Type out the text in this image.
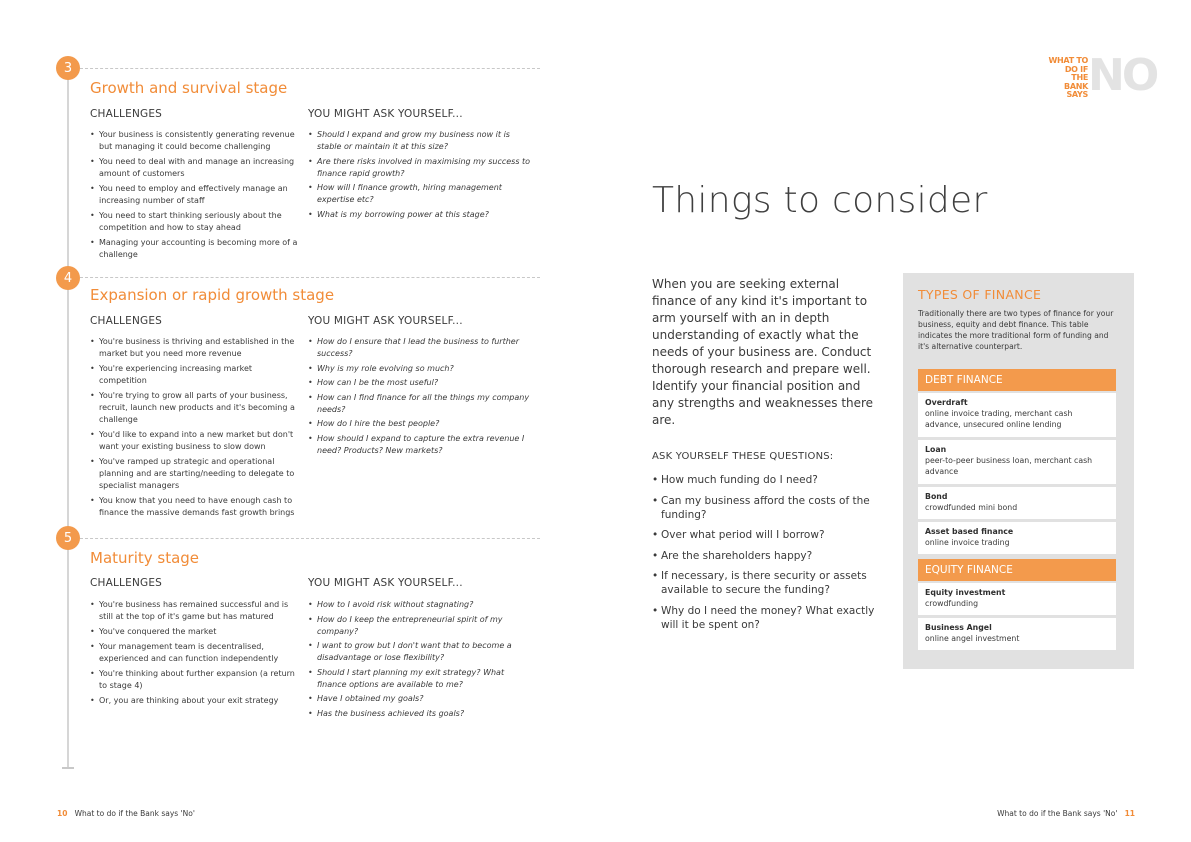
3
Growth and survival stage
CHALLENGES	YOU MIGHT ASK YOURSELF...
• Your business is consistently generating revenue but managing it could become challenging
• You need to deal with and manage an increasing amount of customers
• You need to employ and effectively manage an increasing number of staff
• You need to start thinking seriously about the competition and how to stay ahead
• Managing your accounting is becoming more of a challenge
• Should I expand and grow my business now it is stable or maintain it at this size?
• Are there risks involved in maximising my success to finance rapid growth?
• How will I finance growth, hiring management expertise etc?
• What is my borrowing power at this stage?
4
Expansion or rapid growth stage
CHALLENGES	YOU MIGHT ASK YOURSELF...
• You're business is thriving and established in the market but you need more revenue
• You're experiencing increasing market competition
• You're trying to grow all parts of your business, recruit, launch new products and it's becoming a challenge
• You'd like to expand into a new market but don't want your existing business to slow down
• You've ramped up strategic and operational planning and are starting/needing to delegate to specialist managers
• You know that you need to have enough cash to finance the massive demands fast growth brings
• How do I ensure that I lead the business to further success?
• Why is my role evolving so much?
• How can I be the most useful?
• How can I find finance for all the things my company needs?
• How do I hire the best people?
• How should I expand to capture the extra revenue I need? Products? New markets?
5
Maturity stage
CHALLENGES	YOU MIGHT ASK YOURSELF...
• You're business has remained successful and is still at the top of it's game but has matured
• You've conquered the market
• Your management team is decentralised, experienced and can function independently
• You're thinking about further expansion (a return to stage 4)
• Or, you are thinking about your exit strategy
• How to I avoid risk without stagnating?
• How do I keep the entrepreneurial spirit of my company?
• I want to grow but I don't want that to become a disadvantage or lose flexibility?
• Should I start planning my exit strategy? What finance options are available to me?
• Have I obtained my goals?
• Has the business achieved its goals?
WHAT TO
DO IF
THE BANK
SAYS NO
Things to consider
When you are seeking external finance of any kind it's important to arm yourself with an in depth understanding of exactly what the needs of your business are. Conduct thorough research and prepare well. Identify your financial position and any strengths and weaknesses there are.
ASK YOURSELF THESE QUESTIONS:
• How much funding do I need?
• Can my business afford the costs of the funding?
• Over what period will I borrow?
• Are the shareholders happy?
• If necessary, is there security or assets available to secure the funding?
• Why do I need the money? What exactly will it be spent on?
TYPES OF FINANCE
Traditionally there are two types of finance for your business, equity and debt finance. This table indicates the more traditional form of funding and it's alternative counterpart.
DEBT FINANCE
Overdraft
online invoice trading, merchant cash advance, unsecured online lending
Loan
peer-to-peer business loan, merchant cash advance
Bond
crowdfunded mini bond
Asset based finance
online invoice trading
EQUITY FINANCE
Equity investment
crowdfunding
Business Angel
online angel investment
10 What to do if the Bank says 'No'	What to do if the Bank says 'No' 11
